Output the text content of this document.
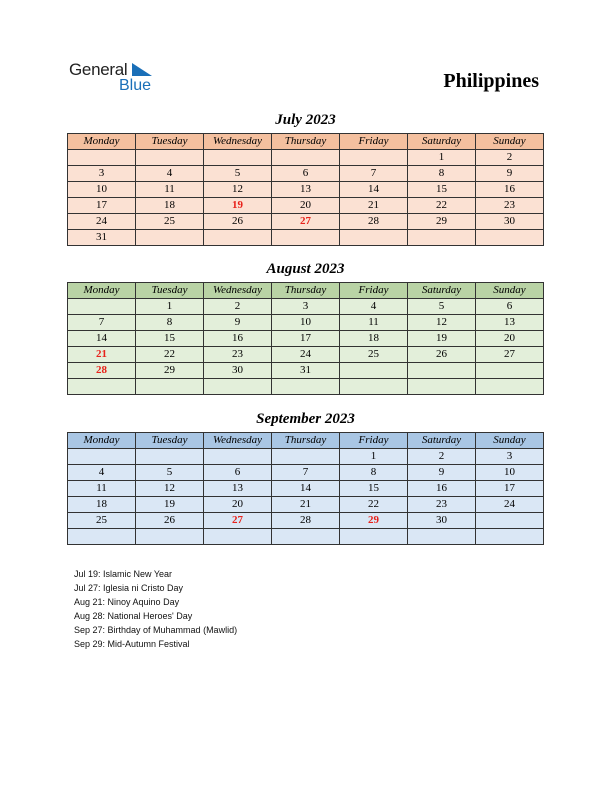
General
Blue	Philippines
July 2023
Monday	Tuesday	Wednesday	Thursday	Friday	Saturday	Sunday
					1	2
3	4	5	6	7	8	9
10	11	12	13	14	15	16
17	18	19	20	21	22	23
24	25	26	27	28	29	30
31						
August 2023
Monday	Tuesday	Wednesday	Thursday	Friday	Saturday	Sunday
	1	2	3	4	5	6
7	8	9	10	11	12	13
14	15	16	17	18	19	20
21	22	23	24	25	26	27
28	29	30	31			

September 2023
Monday	Tuesday	Wednesday	Thursday	Friday	Saturday	Sunday
				1	2	3
4	5	6	7	8	9	10
11	12	13	14	15	16	17
18	19	20	21	22	23	24
25	26	27	28	29	30	

Jul 19: Islamic New Year
Jul 27: Iglesia ni Cristo Day
Aug 21: Ninoy Aquino Day
Aug 28: National Heroes' Day
Sep 27: Birthday of Muhammad (Mawlid)
Sep 29: Mid-Autumn Festival
